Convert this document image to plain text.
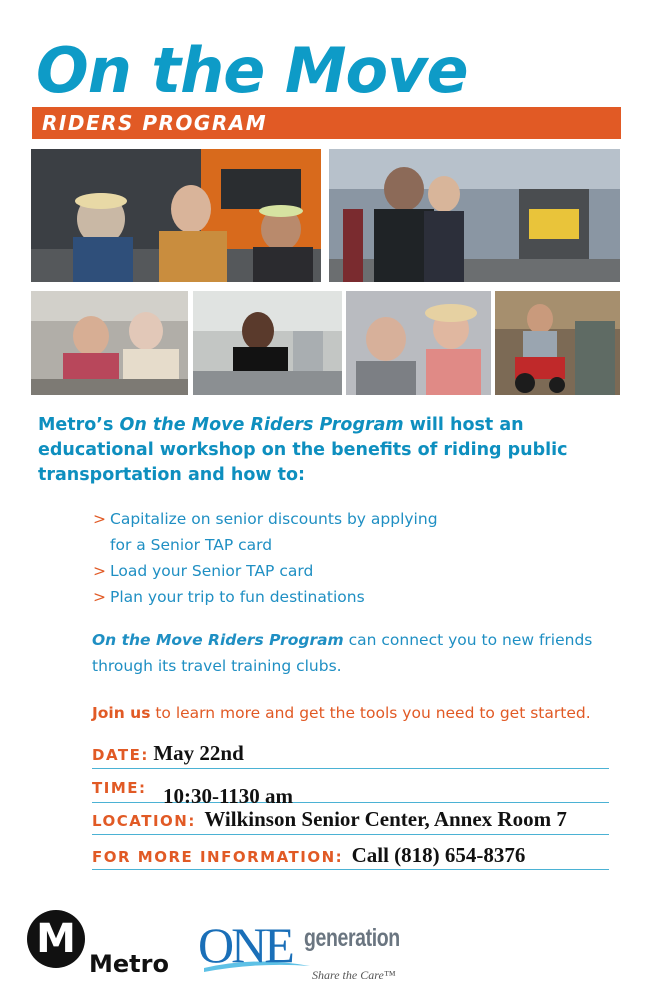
On the Move
RIDERS PROGRAM
Metro’s On the Move Riders Program will host an
educational workshop on the benefits of riding public
transportation and how to:
> Capitalize on senior discounts by applying
for a Senior TAP card
> Load your Senior TAP card
> Plan your trip to fun destinations
On the Move Riders Program can connect you to new friends
through its travel training clubs.
Join us to learn more and get the tools you need to get started.
DATE: May 22nd
TIME: 10:30-1130 am
LOCATION: Wilkinson Senior Center, Annex Room 7
FOR MORE INFORMATION: Call (818) 654-8376
M
Metro ONE generation
Share the Care™
